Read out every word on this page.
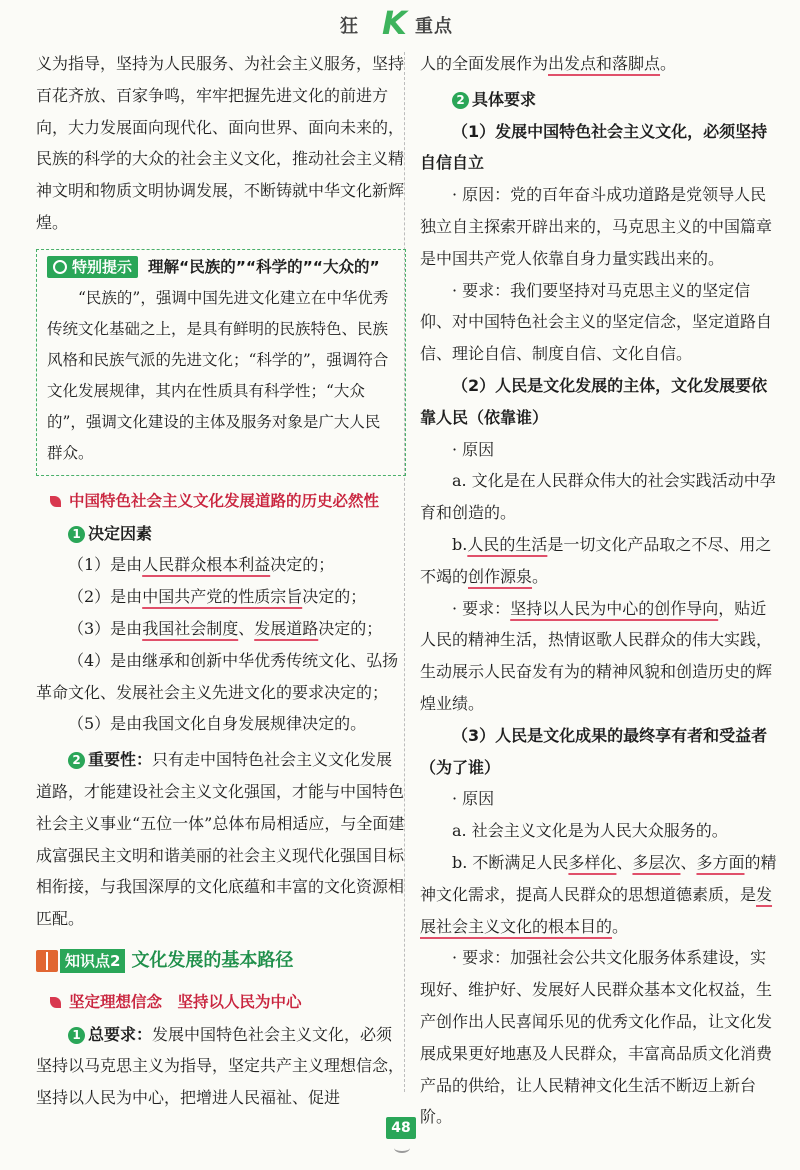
狂 K 重点

义为指导，坚持为人民服务、为社会主义服务，坚持百花齐放、百家争鸣，牢牢把握先进文化的前进方向，大力发展面向现代化、面向世界、面向未来的，民族的科学的大众的社会主义文化，推动社会主义精神文明和物质文明协调发展，不断铸就中华文化新辉煌。

特别提示 理解“民族的”“科学的”“大众的”

“民族的”，强调中国先进文化建立在中华优秀传统文化基础之上，是具有鲜明的民族特色、民族风格和民族气派的先进文化；“科学的”，强调符合文化发展规律，其内在性质具有科学性；“大众的”，强调文化建设的主体及服务对象是广大人民群众。

中国特色社会主义文化发展道路的历史必然性

1 决定因素

（1）是由人民群众根本利益决定的；

（2）是由中国共产党的性质宗旨决定的；

（3）是由我国社会制度、发展道路决定的；

（4）是由继承和创新中华优秀传统文化、弘扬革命文化、发展社会主义先进文化的要求决定的；

（5）是由我国文化自身发展规律决定的。

2 重要性：只有走中国特色社会主义文化发展道路，才能建设社会主义文化强国，才能与中国特色社会主义事业“五位一体”总体布局相适应，与全面建成富强民主文明和谐美丽的社会主义现代化强国目标相衔接，与我国深厚的文化底蕴和丰富的文化资源相匹配。

知识点2 文化发展的基本路径
坚定理想信念　坚持以人民为中心

1 总要求：发展中国特色社会主义文化，必须坚持以马克思主义为指导，坚定共产主义理想信念，坚持以人民为中心，把增进人民福祉、促进

人的全面发展作为出发点和落脚点。

2 具体要求

（1）发展中国特色社会主义文化，必须坚持自信自立

· 原因：党的百年奋斗成功道路是党领导人民独立自主探索开辟出来的，马克思主义的中国篇章是中国共产党人依靠自身力量实践出来的。

· 要求：我们要坚持对马克思主义的坚定信仰、对中国特色社会主义的坚定信念，坚定道路自信、理论自信、制度自信、文化自信。

（2）人民是文化发展的主体，文化发展要依靠人民（依靠谁）

· 原因

a. 文化是在人民群众伟大的社会实践活动中孕育和创造的。

b.人民的生活是一切文化产品取之不尽、用之不竭的创作源泉。

· 要求：坚持以人民为中心的创作导向，贴近人民的精神生活，热情讴歌人民群众的伟大实践，生动展示人民奋发有为的精神风貌和创造历史的辉煌业绩。

（3）人民是文化成果的最终享有者和受益者（为了谁）

· 原因

a. 社会主义文化是为人民大众服务的。

b. 不断满足人民多样化、多层次、多方面的精神文化需求，提高人民群众的思想道德素质，是发展社会主义文化的根本目的。

· 要求：加强社会公共文化服务体系建设，实现好、维护好、发展好人民群众基本文化权益，生产创作出人民喜闻乐见的优秀文化作品，让文化发展成果更好地惠及人民群众，丰富高品质文化消费产品的供给，让人民精神文化生活不断迈上新台阶。

48
